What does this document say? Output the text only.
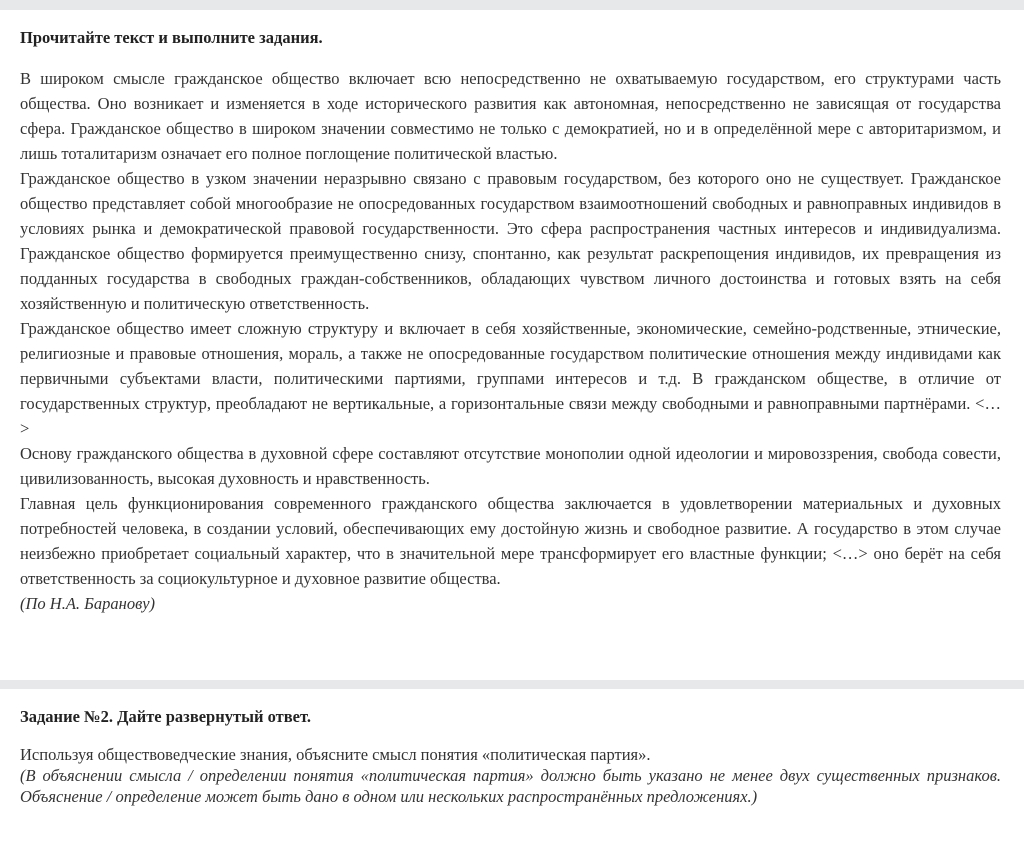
Прочитайте текст и выполните задания.

В широком смысле гражданское общество включает всю непосредственно не охватываемую государством, его структурами часть общества. Оно возникает и изменяется в ходе исторического развития как автономная, непосредственно не зависящая от государства сфера. Гражданское общество в широком значении совместимо не только с демократией, но и в определённой мере с авторитаризмом, и лишь тоталитаризм означает его полное поглощение политической властью.

Гражданское общество в узком значении неразрывно связано с правовым государством, без которого оно не существует. Гражданское общество представляет собой многообразие не опосредованных государством взаимоотношений свободных и равноправных индивидов в условиях рынка и демократической правовой государственности. Это сфера распространения частных интересов и индивидуализма. Гражданское общество формируется преимущественно снизу, спонтанно, как результат раскрепощения индивидов, их превращения из подданных государства в свободных граждан-собственников, обладающих чувством личного достоинства и готовых взять на себя хозяйственную и политическую ответственность.

Гражданское общество имеет сложную структуру и включает в себя хозяйственные, экономические, семейно-родственные, этнические, религиозные и правовые отношения, мораль, а также не опосредованные государством политические отношения между индивидами как первичными субъектами власти, политическими партиями, группами интересов и т.д. В гражданском обществе, в отличие от государственных структур, преобладают не вертикальные, а горизонтальные связи между свободными и равноправными партнёрами. <…>

Основу гражданского общества в духовной сфере составляют отсутствие монополии одной идеологии и мировоззрения, свобода совести, цивилизованность, высокая духовность и нравственность.

Главная цель функционирования современного гражданского общества заключается в удовлетворении материальных и духовных потребностей человека, в создании условий, обеспечивающих ему достойную жизнь и свободное развитие. А государство в этом случае неизбежно приобретает социальный характер, что в значительной мере трансформирует его властные функции; <…> оно берёт на себя ответственность за социокультурное и духовное развитие общества.

(По Н.А. Баранову)

Задание №2. Дайте развернутый ответ.

Используя обществоведческие знания, объясните смысл понятия «политическая партия».

(В объяснении смысла / определении понятия «политическая партия» должно быть указано не менее двух существенных признаков. Объяснение / определение может быть дано в одном или нескольких распространённых предложениях.)
